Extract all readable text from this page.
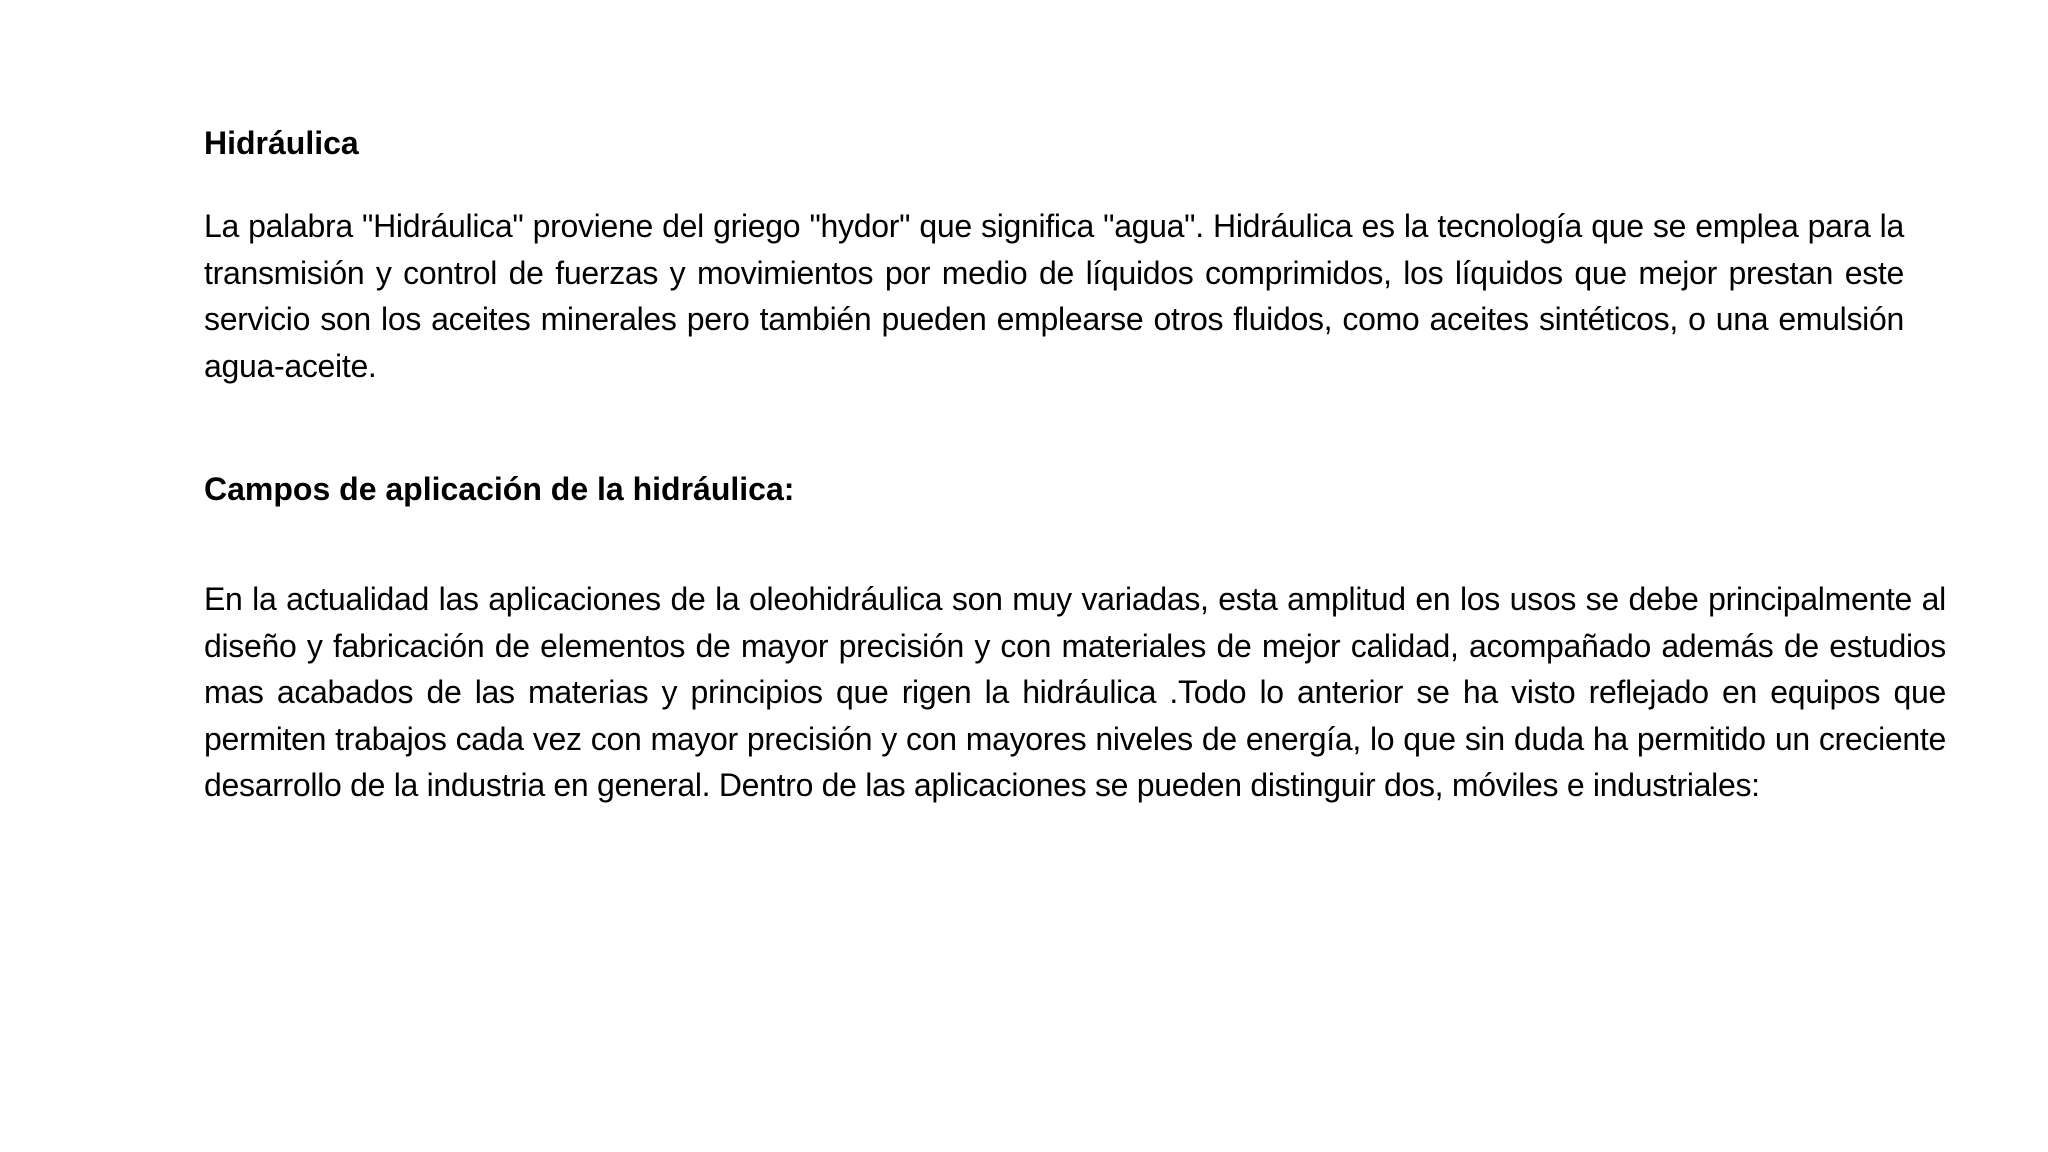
Hidráulica

La palabra "Hidráulica" proviene del griego "hydor" que significa "agua". Hidráulica es la tecnología que se emplea para la transmisión y control de fuerzas y movimientos por medio de líquidos comprimidos, los líquidos que mejor prestan este servicio son los aceites minerales pero también pueden emplearse otros fluidos, como aceites sintéticos, o una emulsión agua-aceite.

Campos de aplicación de la hidráulica:

En la actualidad las aplicaciones de la oleohidráulica son muy variadas, esta amplitud en los usos se debe principalmente al diseño y fabricación de elementos de mayor precisión y con materiales de mejor calidad, acompañado además de estudios mas acabados de las materias y principios que rigen la hidráulica .Todo lo anterior se ha visto reflejado en equipos que permiten trabajos cada vez con mayor precisión y con mayores niveles de energía, lo que sin duda ha permitido un creciente desarrollo de la industria en general. Dentro de las aplicaciones se pueden distinguir dos, móviles e industriales:
